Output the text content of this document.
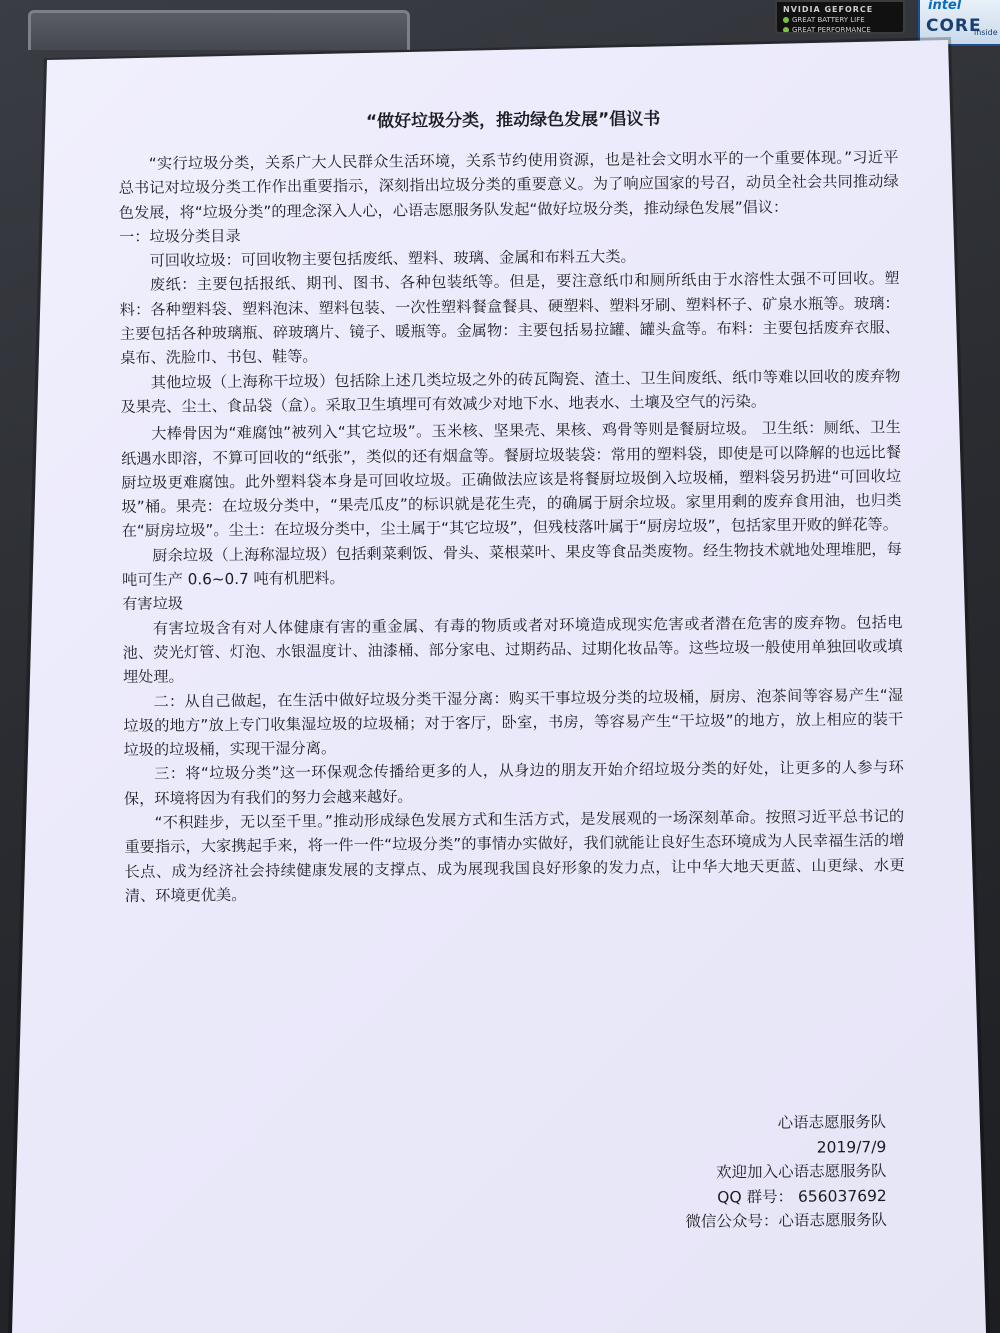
NVIDIA GEFORCE
GREAT BATTERY LIFE
GREAT PERFORMANCE
intel
CORE
inside
“做好垃圾分类，推动绿色发展”倡议书
“实行垃圾分类，关系广大人民群众生活环境，关系节约使用资源，也是社会文明水平的一个重要体现。”习近平总书记对垃圾分类工作作出重要指示，深刻指出垃圾分类的重要意义。为了响应国家的号召，动员全社会共同推动绿色发展，将“垃圾分类”的理念深入人心，心语志愿服务队发起“做好垃圾分类，推动绿色发展”倡议：
一：垃圾分类目录
可回收垃圾：可回收物主要包括废纸、塑料、玻璃、金属和布料五大类。
废纸：主要包括报纸、期刊、图书、各种包装纸等。但是，要注意纸巾和厕所纸由于水溶性太强不可回收。塑料：各种塑料袋、塑料泡沫、塑料包装、一次性塑料餐盒餐具、硬塑料、塑料牙刷、塑料杯子、矿泉水瓶等。玻璃：主要包括各种玻璃瓶、碎玻璃片、镜子、暖瓶等。金属物：主要包括易拉罐、罐头盒等。布料：主要包括废弃衣服、桌布、洗脸巾、书包、鞋等。
其他垃圾（上海称干垃圾）包括除上述几类垃圾之外的砖瓦陶瓷、渣土、卫生间废纸、纸巾等难以回收的废弃物及果壳、尘土、食品袋（盒）。采取卫生填埋可有效减少对地下水、地表水、土壤及空气的污染。
大棒骨因为“难腐蚀”被列入“其它垃圾”。玉米核、坚果壳、果核、鸡骨等则是餐厨垃圾。 卫生纸：厕纸、卫生纸遇水即溶，不算可回收的“纸张”，类似的还有烟盒等。餐厨垃圾装袋：常用的塑料袋，即使是可以降解的也远比餐厨垃圾更难腐蚀。此外塑料袋本身是可回收垃圾。正确做法应该是将餐厨垃圾倒入垃圾桶，塑料袋另扔进“可回收垃圾”桶。果壳：在垃圾分类中，“果壳瓜皮”的标识就是花生壳，的确属于厨余垃圾。家里用剩的废弃食用油，也归类在“厨房垃圾”。尘土：在垃圾分类中，尘土属于“其它垃圾”，但残枝落叶属于“厨房垃圾”，包括家里开败的鲜花等。
厨余垃圾（上海称湿垃圾）包括剩菜剩饭、骨头、菜根菜叶、果皮等食品类废物。经生物技术就地处理堆肥，每吨可生产 0.6~0.7 吨有机肥料。
有害垃圾
有害垃圾含有对人体健康有害的重金属、有毒的物质或者对环境造成现实危害或者潜在危害的废弃物。包括电池、荧光灯管、灯泡、水银温度计、油漆桶、部分家电、过期药品、过期化妆品等。这些垃圾一般使用单独回收或填埋处理。
二：从自己做起，在生活中做好垃圾分类干湿分离：购买干事垃圾分类的垃圾桶，厨房、泡茶间等容易产生“湿垃圾的地方”放上专门收集湿垃圾的垃圾桶；对于客厅，卧室，书房，等容易产生“干垃圾”的地方，放上相应的装干垃圾的垃圾桶，实现干湿分离。
三：将“垃圾分类”这一环保观念传播给更多的人，从身边的朋友开始介绍垃圾分类的好处，让更多的人参与环保，环境将因为有我们的努力会越来越好。
“不积跬步，无以至千里。”推动形成绿色发展方式和生活方式，是发展观的一场深刻革命。按照习近平总书记的重要指示，大家携起手来，将一件一件“垃圾分类”的事情办实做好，我们就能让良好生态环境成为人民幸福生活的增长点、成为经济社会持续健康发展的支撑点、成为展现我国良好形象的发力点，让中华大地天更蓝、山更绿、水更清、环境更优美。
心语志愿服务队
2019/7/9
欢迎加入心语志愿服务队
QQ 群号： 656037692
微信公众号：心语志愿服务队
